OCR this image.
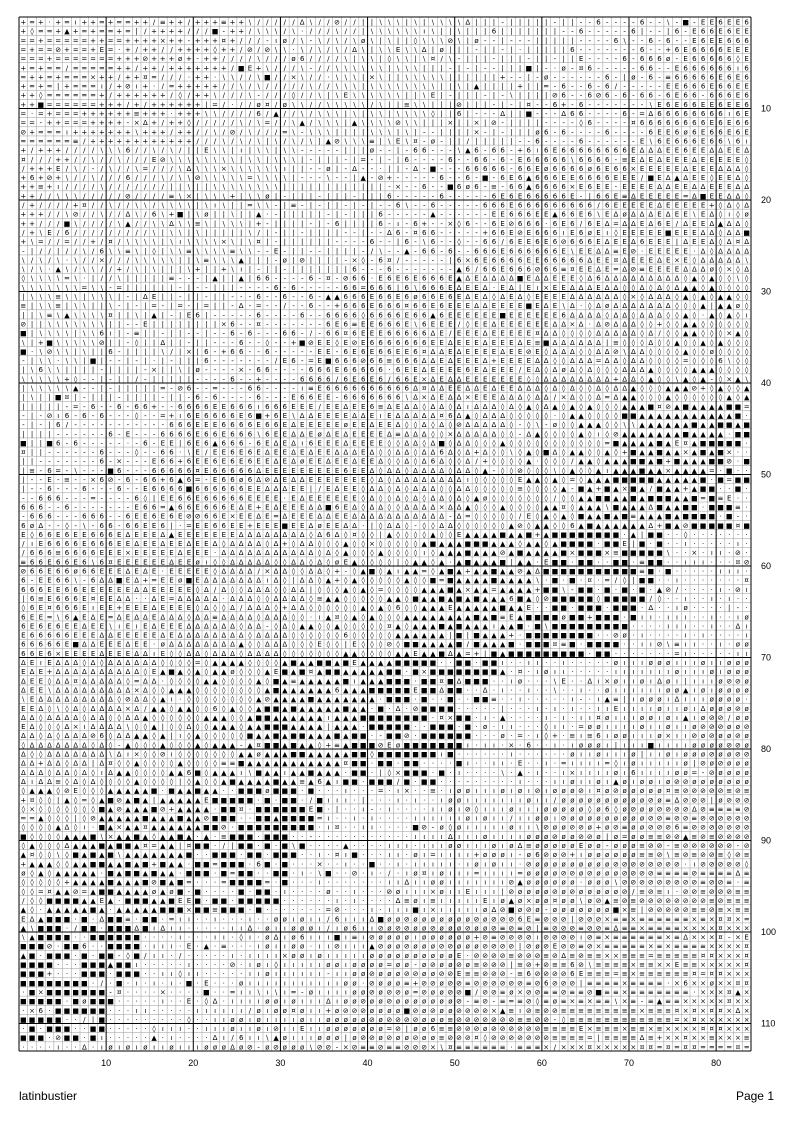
+ = + · + = ı + + = + = = + + / ≡ + + / + + + ≡ + + \ / / / / / Δ \ / / ⊘ / / | | \ \ \ | \ | \ \ \ \ Δ | | | - | | | | | - | | - - 6 - - - - 6 - - \ - ■ - E E 6 E E 6
+ ◊ = = + ▲ + = + = = + = | / + + + + / / / ■ - + + / \ \ \ / \ · / / / \ / / | \ \ \ \ \ \ ı \ | | \ | | | 6 | | | | | | | - - 6 - - - - - 6 | - - | 6 - E 6 6 E 6 E E
= = + = = = = = + + = = + + + + × + + - + + + ¤ + / / / - ı ø / \ - \ / \ / \ ø \ | \ | | ◊ \ \ \ ⊘ \ | ø - - | - - - | | | | | - - - - 6 \ - - 6 - 6 - - E 6 E E 6 6 6
= + = = ⊘ + = = + E = · + / + + / / + + + + ◊ + + / ⊘ / ⊘ \ \ · \ / \ / \ / Δ \ | \ \ E \ \ Δ | ø | | | - | | - | · | | | | | 6 - - - - - - - 6 - - + 6 E 6 6 6 6 E E E
= = = + = = = = = = = + + + ⊘ + + + ø + - + + / / / / \ / / / ø 6 / / / / \ | \ \ | ◊ \ \ | \ ¤ / \ - | | | - | | | - | | - | | E - - - - 6 - 6 6 6 ø - E 6 6 6 6 6 ◊ E
+ = + = = / = = = = = + + / + + / + + + + + + + / ■ E + \ / / / \ - / / \ \ \ \ \ \ | \ \ \ | | | - | - | - - | | | ■ | - · ø - ¤ 6 - - - - - 6 6 - - E 6 6 6 6 6 6 ı 6
= + + = + = = = × + + / + + ¤ = / / / · + + · \ \ / / \ ■ / / × \ / / · \ \ \ | × \ | | \ \ \ \ \ | | | | | | + - - | - ø - - - - - - 6 - | ø - 6 - ≡ 6 6 6 6 6 E 6 E 6
+ = + = | + = = = ı / + ⊘ ı + · / = + + + + + / / \ / \ / / / / / \ / / \ \ \ | \ \ \ \ \ \ \ \ | | \ | ▲ | | | | + | | = - 6 - - 6 - 6 / - - - - - E E 6 6 6 E 6 6 E E
+ + ◊ = = = = = = + / + + + + + + / ◊ / + + \ / / / \ - / / / ◊ / / \ | \ E \ \ \ \ \ \ | | \ E | - | | | - | - \ | | | | ⊘ 6 - - 6 ⊘ 6 - 6 - 6 6 - 6 E 6 6 - 6 6 6 E 6
+ + ■ = = = = = = + + + / + / + + + + + + | = / · / / ø ¤ / ø \ \ / / \ \ \ \ \ / \ | | ≡ \ \ | | | ⊘ | | | - | - | ¤ - - 6 + - 6 - - - - - - - \ E 6 E 6 6 E E 6 E E 6
= · = + = = = + + + + + + ≡ + + + · + + + \ \ / / / / 6 / ▲ / / \ / \ \ \ | \ | \ \ | \ \ \ \ ◊ | | 6 | - - - Δ | | ■ - - - Δ 6 6 - - - - 6 - = Δ 6 6 6 6 6 6 6 6 ı 6 E
= = - + + = = = + + + + - × Δ + / + + ◊ / / / / / \ / \ = / / \ ▲ / \ \ \ | ▲ \ \ \ \ ⊘ \ \ | | | × | | × | ⊘ - | | | | - - - - ◊ 6 - - - - ¤ 6 6 6 6 6 6 6 6 E 6 E 6 6
⊘ + = = = ı + + + + + + + \ + + + / + + / / \ / ⊘ / \ / / / = \ - \ \ \ | | | | \ \ \ | \ | - - | | | | × - | - | | | ø 6 - 6 - - - - 6 - - - - 6 E E 6 ø 6 E 6 6 E 6 E
= = = = = = ≡ / + + + + + + + + + + + + / / / \ / \ / \ | \ / \ / \ | ▲ ⊘ \ \ \ ≡ | \ E \ ¤ - ø - | | / | | | | | - - 6 - - - - 6 - - - - - - E \ 6 E 6 6 6 E 6 6 \ 6 ı
+ / + + + / / / / \ \ \ 6 / / \ / \ / | | E \ \ | ı | \ \ | \ \ - - - - - | | | ø - - | - 6 6 - - - \ ▲ 6 - 6 6 - + 6 ı 6 E 6 6 6 6 6 6 6 6 E Δ Δ Δ E E 6 E E Δ Δ E E Δ
¤ / / / + + / / \ / / \ / / / E ⊘ \ \ \ \ \ \ \ \ | \ \ | \ \ \ | - | | | - | = - | - | 6 - - - - 6 - - 6 6 - 6 - E 6 6 6 6 6 \ 6 6 6 6 - ≡ E Δ E Δ E E E Δ E E E E E ◊
/ + + + E / \ / - / \ / / \ = / / / \ Δ \ \ \ × \ \ \ \ \ \ ı | | - - ø | - Δ - - · | | - Δ - ■ - - - 6 6 6 6 6 - 6 6 E ø 6 6 6 6 ø 6 E 6 6 × E E E E E Δ E E E Δ Δ Δ ◊
+ 6 + ⊘ + \ / / \ / / / 6 / / / \ / \ \ ⊘ \ \ \ \ \ = \ \ \ \ | - - - \ - - | ▲ - ⊘ + - - - - - 6 - - 6 - ■ - 6 E 6 ▲ 6 6 6 E E 6 6 6 6 E E E / ■ E Δ ▲ Δ E E ◊ E E Δ ◊
+ + ≡ + ı / / / / \ / / / / / / / | | \ | | \ \ \ \ \ \ \ \ | | | | | | | | | | | | - × - - 6 - - ■ 6 ø 6 - ≡ - 6 6 ▲ 6 6 6 6 × E 6 E E - E E E E Δ Δ E E Δ Δ E E E Δ Δ
+ + / / \ \ \ / / / / / ⊘ / / / / ≡ \ × | \ \ \ + | \ \ ø | - | | | - | | | - | | | 6 - - - - - 6 - - - - - 6 E 6 E 6 6 6 6 6 E - | 6 6 E ≡ Δ E E E E E = Δ ■ E E Δ Δ ◊
/ + / / / / + ¤ / / \ / / \ \ / \ \ \ \ | \ ı \ | | = \ \ - | ≡ - | - | | - | - | - - 6 \ - - 6 - - - - - 6 6 6 E 6 6 6 6 6 6 6 6 6 / 6 E E E E E Δ E E E E E + ◊ Δ ◊ Δ
+ + + / / \ ⊘ / / \ / / Δ \ / 6 \ + ■ | \ ø | | \ | | ▲ · - | | | | | - | - | | | 6 - - - - - ▲ - - - - - - E E 6 6 6 E E ▲ 6 6 E 6 \ E Δ ø Δ Δ Δ E Δ E E \ E Δ ◊ ı ◊ ø
+ + / / / ■ \ / / / / \ ▲ / / \ \ Δ \ \ ≡ \ | \ \ \ | + - | | | | - | - 6 | | | | 6 - ı - 6 + - - × ◊ 6 - - 6 E ⊘ 6 6 6 · 6 E 6 / 6 E Δ = Δ Δ E Δ 6 E / Δ E E Δ ▲ Δ Δ ◊
/ + \ E / 6 / / / / / / / / / \ | \ \ | \ | | | | | \ / | - | | - | | | | - - | - - Δ 6 - ¤ 6 6 - - - - - + 6 6 E ⊘ E 6 6 6 ı E 6 ø E ı ◊ E E E E E ■ E E E Δ Δ ◊ Δ Δ ■
+ \ = / / = / / + / ¤ / \ \ \ \ | \ ı \ \ \ \ × \ | \ ¤ | - | | | | | | - - - - 6 - - | 6 - \ 6 - - ◊ - - 6 6 / 6 E E 6 E 6 ⊘ 6 6 6 E Δ E E Δ 6 E E E | Δ E E Δ ◊ Δ ¤ Δ
- | / / | / / \ / 6 \ \ ≡ \ | ◊ | \ \ ≡ \ \ \ \ ≡ \ \ - - E - | | - - | | | | - / \ - - ▲ - 6 6 - 6 - - 6 6 6 E 6 6 6 6 6 6 E \ E E Δ Δ ≡ E ⊘ · E E E E E · Δ ◊ Δ Δ Δ Δ
\ / \ / \ · \ / / × / / / \ \ \ \ \ | | \ ≡ \ \ \ ▲ | | | - ø | ⊘ | | | | - × ◊ - 6 ¤ / - - - - - | 6 × 6 E 6 6 6 6 E E 6 6 6 6 6 Δ E E ¤ Δ E E E Δ E × E ◊ Δ Δ Δ Δ Δ \
\ / \ · ▲ \ / \ \ / / + / \ | \ | | | \ + | | + \ ı | - | | - | | | | | | | 6 - - - 6 - - - - - - - ▲ 6 / 6 6 E 6 6 6 ⊘ 6 6 ≡ ¤ E E Δ E = Δ ⊘ ≡ E E E E Δ Δ Δ ø ◊ × ◊ Δ
◊ \ \ \ \ = \ · | / / \ | | | | | ≡ - - - | ▲ | | ▲ | 6 6 - - - - 6 - ¤ - ⊘ 6 6 · E 6 E 6 E 6 6 6 E ▲ Δ E Δ Δ Δ Δ ■ E Δ Δ E E E ◊ Δ 6 Δ Δ Δ Δ Δ Δ Δ Δ Δ ◊ ▲ ◊ ▲ ◊ ◊ \ ◊
\ \ \ \ \ \ \ = \ \ - = | | | | | | - | - - | | | - - - - 6 - 6 - - - - - 6 6 = 6 6 6 | 6 \ 6 6 6 E Δ E E Δ · E Δ | E ı × E E Δ Δ Δ E Δ Δ ◊ ◊ Δ ◊ Δ ◊ Δ ▲ ▲ ◊ ▲ ◊ ◊ ◊ ◊
| \ \ \ ≡ \ \ | \ \ \ | - | Δ E | | - | | - | | - - - 6 - - 6 - - 6 - ▲ ▲ 6 6 6 E 6 6 E 6 ø 6 6 E 6 E Δ E Δ ◊ Δ E Δ ◊ E E E E Δ Δ Δ Δ Δ Δ ◊ × ◊ Δ Δ Δ ◊ ▲ ◊ ▲ ◊ ▲ ▲ ◊ ◊
≡ | \ \ ≡ | \ \ | | \ - | - | = - | = - | = | | - Δ - = - - / - - 6 - - + 6 6 6 E 6 6 6 ¤ 6 6 E 6 E E E Δ Δ E E E E ■ E Δ E \ Δ · ◊ Δ ø Δ Δ Δ Δ Δ Δ Δ ◊ ◊ ◊ ▲ | ▲ ▲ ø ◊
| | \ ≡ \ ▲ \ \ \ \ ¤ | | \ | ▲ | - | E 6 | - - - - - 6 - - - - 6 - - 6 6 6 6 ◊ 6 6 6 6 E 6 6 ▲ 6 E E E E E E ■ E E E E E E 6 Δ Δ Δ Δ ◊ Δ Δ ◊ Δ Δ Δ ◊ ◊ ▲ ◊ · ▲ ◊ ▲ ◊ ı
⊘ | | \ \ \ \ \ \ \ | | - - E | | | | | | | | × 6 - - ¤ - - - - - - - 6 E 6 ≡ E E 6 6 6 E \ 6 E E E / ◊ E E Δ E E E E E E Δ Δ × Δ · Δ ⊘ Δ Δ Δ ◊ ◊ + ◊ ◊ ▲ ▲ ◊ ◊ ◊ ◊ ◊ ◊
■ | \ \ \ \ | \ \ 6 ı | - ≡ | | - | | - - | - - 6 - 6 - - - 6 6 - / - 6 6 ¤ 6 E E E 6 6 6 6 6 Δ E / E E E Δ E E E E E ¤ Δ Δ ◊ ◊ ◊ ◊ Δ Δ Δ Δ Δ ◊ Δ / ◊ ◊ ▲ ▲ ◊ ◊ ◊ × ▲ ◊
\ | + ■ \ \ \ \ \ ⊘ | | - ◊ | | Δ | | - | | - - - 6 - - ◊ - - + ■ ⊘ E E ◊ E ⊘ E 6 6 6 6 6 6 6 E E Δ E E E Δ E E E Δ E ≡ ■ Δ Δ Δ Δ Δ Δ | ≡ ◊ ◊ ◊ Δ ◊ ◊ ▲ ◊ ◊ ▲ ◊ ▲ ◊ ◊ ◊
■ · \ ⊘ \ \ | \ | | 6 - | | | | \ / | × | 6 - + 6 6 - - 6 - - - - - E E - 6 E 6 E 6 6 E E 6 ¤ Δ Δ E Δ E E E E Δ E E ⊘ E ◊ Δ Δ Δ ◊ ◊ Δ Δ ⊘ \ Δ Δ ◊ ◊ ◊ ◊ ▲ ◊ ◊ ø ◊ ◊ ◊ ◊
- | \ \ · \ \ | ■ | - - | - | · | - | | | 6 - - - - - - - / E 6 - = E ■ 6 6 6 ⊘ 6 6 ≡ 6 6 6 Δ Δ E Δ E E E Δ + E E E E Δ Δ ◊ ◊ Δ Δ Δ = Δ Δ ◊ Δ Δ ◊ ◊ ◊ ◊ = ◊ ◊ ◊ 6 \ ◊ ◊
| \ 6 \ \ | | | | - | | | | - × | | \ | ø - - - - × - 6 6 - - - - 6 6 6 E 6 6 6 6 6 · 6 E E Δ E E E E 6 E Δ E E E / E Δ ◊ Δ ø Δ ◊ Δ ◊ ◊ ◊ Δ Δ Δ ▲ ◊ ◊ ◊ ◊ ▲ ▲ ▲ ◊ ◊ ◊ ◊
\ \ \ \ \ + ◊ - - | - | | / - | | | | | - - - - 6 - - + - - - - 6 6 6 6 / 6 E 6 E 6 / 6 6 E × Δ E Δ Δ E E E E E E E ◊ ◊ Δ Δ Δ Δ Δ Δ Δ Δ + Δ Δ ◊ ▲ ◊ ◊ \ ▲ ◊ ▲ - ◊ × ▲ \
| \ \ \ \ \ ▲ - - | - | | | | | = - ⊘ 6 - - = - - - 6 6 - - - - ı ≡ E 6 6 6 6 6 6 6 6 6 6 Δ ¤ Δ Δ E E Δ Δ E Δ E E Δ Δ Δ ◊ Δ ◊ Δ ◊ ◊ Δ ◊ Δ Δ ▲ ◊ ◊ ◊ ▲ ▲ ▲ ⊘ + ◊ ▲ ◊ ◊ ▲
| \ | | ■ ¤ | - | | | - | | | | - | | - 6 - 6 - - - - 6 - - - E 6 6 E E - 6 6 6 6 6 6 6 \ Δ × Δ E Δ Δ × E E E Δ Δ Δ ◊ Δ Δ / × Δ ◊ ◊ Δ = Δ ▲ ▲ ◊ ◊ ◊ ▲ ◊ ◊ ◊ ◊ ◊ ◊ ▲ ◊ ▲
| | | | | - = - 6 - - 6 - 6 6 + - - 6 6 6 6 E E 6 6 6 ı 6 6 6 E E E / E E Δ E E 6 ≡ Δ E Δ Δ ◊ Δ Δ ◊ Δ ı Δ Δ Δ ◊ Δ ◊ ▲ ◊ Δ ▲ ◊ ▲ ◊ ▲ ◊ ◊ ◊ ▲ ▲ ▲ ■ ¤ ⊘ ▲ ■ ▲ ▲ ▲ ▲ ■ ■ =
- | - ⊘ ı 6 - 6 - 6 - - - ◊ - - = + ı 6 E 6 6 6 6 E 6 ■ + 6 E \ Δ Δ E E E E Δ Δ E ı E Δ Δ Δ Δ Δ ¤ 6 Δ ▲ ◊ Δ Δ Δ ◊ ◊ ◊ ◊ ◊ · ◊ ▲ ▲ ◊ ◊ ◊ ◊ ■ ■ ▲ ▲ ▲ ▲ ▲ ▲ ▲ ▲ ▲ ▲ ▲ ■ ·
- | - | 6 / - - - - - - - - - - - 6 6 6 E E E 6 6 6 6 E 6 6 E Δ E E E E E ø E E Δ E E Δ ◊ ◊ Δ ◊ Δ ◊ ⊘ Δ Δ Δ Δ Δ ◊ - ◊ \ - ø ◊ ◊ ▲ ▲ ▲ ◊ ◊ \ \ ▲ ▲ ▲ ▲ ▲ ▲ ■ ▲ ▲ ■ ■ ▲ ■
| | | | - - - - - - 6 - E - - - 6 6 6 6 E 6 6 E 6 6 6 \ 6 E E Δ Δ E ø Δ E Δ E E E E Δ ≡ Δ Δ Δ ◊ ◊ × Δ Δ Δ Δ Δ ◊ ◊ - Δ ▲ ◊ ◊ ◊ ◊ ▲ ◊ ı ◊ ⊘ ▲ ▲ ▲ ▲ ▲ ▲ ▲ ■ ▲ ▲ ▲ ▲ · ■ ■
■ | | ■ 6 - 6 - - - - - · - 6 - E E | 6 E 6 ▲ 6 6 6 - 6 E Δ E Δ ı 6 E E E Δ E E E E ◊ ◊ Δ Δ ◊ Δ ■ ◊ Δ Δ ◊ ◊ ◊ ▲ ◊ ◊ ◊ ◊ ◊ ◊ ◊ ◊ ◊ ◊ ◊ = ■ ▲ ▲ ▲ ▲ ■ ▲ E ¤ ▲ ■ ■ ■ ■ ■ ·
¤ | | - - - - - - 6 - - - ◊ - - 6 6 · \ E / E E 6 E 6 E Δ E E Δ E Δ E E Δ Δ Δ E Δ ◊ ◊ Δ Δ ◊ Δ Δ 6 Δ ◊ Δ + Δ ◊ ◊ \ ◊ ▲ ◊ ■ Δ ◊ ▲ ▲ ◊ ◊ ▲ ◊ + ■ ▲ ▲ ■ ▲ ▲ × ▲ ■ ▲ ■ × · ·
| | - - - - - - - 6 - × - - - E 6 6 + 6 E E 6 E 6 E 6 E E Δ E Δ ø E E Δ E E Δ E E Δ ◊ ◊ Δ ◊ Δ 6 Δ ◊ ◊ Δ / + ◊ ◊ ◊ ◊ ▲ · ◊ ◊ ◊ / ▲ ▲ ◊ ▲ ▲ ▲ ■ ■ ▲ ■ + ■ ▲ ▲ ▲ ■ ■ ⊘ · ■
| ≡ - 6 = - \ - - - ■ 6 - - - 6 6 6 6 6 ¤ E 6 6 6 6 6 Δ E E E E E E E E E 6 E E Δ ◊ Δ Δ ◊ Δ Δ Δ Δ ◊ Δ Δ ◊ ▲ - ◊ ◊ ⊘ ◊ ◊ ◊ \ ◊ ▲ ◊ ◊ ▲ ı ▲ ▲ ▲ ■ ▲ ▲ × ▲ ▲ ▲ ▲ = · ■ · ·
| - - E - ≡ - - × 6 ⊘ - 6 - 6 6 + 6 ▲ 6 = - E 6 6 ø 6 Δ ⊘ Δ E Δ Δ E E E E E E E ◊ Δ ◊ Δ Δ Δ Δ Δ Δ Δ Δ ı ◊ ◊ ◊ ◊ ◊ E ▲ ▲ ◊ ▲ ◊ = ◊ ▲ ▲ ▲ ■ ■ ■ ■ ■ ▲ ▲ ▲ ▲ ▲ ■ · ■ = ■ ■
| - - 6 - - - 6 - - - 6 - - E 6 6 6 6 ■ 6 6 6 6 6 6 E E Δ Δ Δ E E | / E Δ E E ◊ Δ Δ ◊ Δ ◊ Δ Δ Δ ◊ ◊ Δ Δ ◊ ◊ ◊ ◊ ◊ ≡ ◊ ◊ ◊ ◊ ▲ - ■ ▲ + ■ ▲ × ■ ▲ / ■ ▲ ▲ + ▲ ■ ■ · · ■ ·
- - 6 6 6 - - - = - - - - 6 ◊ | E E 6 6 E 6 6 6 6 6 E E E E · E Δ E E E E E E ◊ Δ ◊ ◊ Δ ◊ Δ ◊ Δ Δ ◊ Δ ◊ ▲ ø ◊ ◊ ◊ ◊ ◊ ◊ ◊ / ◊ ◊ ▲ ▲ ■ ■ ▲ ▲ ■ ▲ ■ ■ ■ ▲ ▲ ■ = ■ ≡ E · ·
6 6 6 - - 6 - - - - - - - E 6 6 = ▲ 6 6 E 6 6 6 E Δ E + E Δ E E E Δ Δ ■ 6 E Δ ◊ Δ Δ ◊ ◊ Δ Δ Δ Δ × Δ Δ ▲ ◊ ◊ ◊ ▲ ◊ ◊ ◊ ◊ ▲ ▲ ¤ ◊ ▲ ▲ ▲ \ ■ ▲ ▲ ▲ Δ ■ ▲ ▲ ■ ■ · ■ ■ ■ ≡ ·
- 6 6 6 - - - 6 6 6 - - 6 E E 6 E 6 E ⊘ ⊘ 6 6 E × E E Δ E = Δ E E E Δ Δ E E Δ Δ Δ Δ Δ Δ Δ Δ Δ Δ Δ - Δ = ◊ ◊ ◊ ◊ ◊ / E ◊ ▲ ◊ ▲ ◊ ■ ▲ ▲ ■ ▲ ■ ≡ ▲ ▲ ▲ ■ ▲ ■ ■ ■ ■ · ■ - ·
6 ø Δ - - ◊ - \ - 6 6 - 6 6 E E 6 | · = E E 6 6 E E + E E E ■ E E Δ ø E E Δ Δ · | ◊ Δ Δ ◊ - ◊ ◊ Δ Δ ◊ ◊ ◊ ◊ ◊ ◊ ▲ ⊘ ◊ ▲ ▲ ◊ ◊ 6 ▲ ■ ▲ ▲ ▲ ▲ ▲ ▲ Δ + ■ ▲ ⊘ ■ ■ ■ ■ ■ ¤ ■
E ◊ 6 6 E 6 E E 6 6 6 E Δ E E E Δ ▲ E E E E E E E Δ Δ Δ Δ Δ Δ Δ Δ ◊ Δ 6 Δ ◊ ¤ ◊ ◊ | ▲ ◊ ◊ ◊ ◊ ▲ ◊ ◊ E ▲ ▲ ▲ ▲ ■ ▲ ▲ ■ + ▲ ■ ■ ■ ■ ■ ■ ■ ■ · ▲ | ■ ■ · · ◊ · · · · · · ·
/ ı E 6 6 6 6 E 6 6 6 E E Δ E E Δ E E Δ E E Δ ◊ Δ Δ Δ Δ ◊ Δ + ◊ Δ Δ ◊ ◊ ◊ ▲ ◊ ◊ × ◊ ◊ ◊ ◊ ◊ ▲ ■ ▲ ▲ ▲ ■ ■ ■ ▲ ▲ ▲ ◊ ▲ ▲ ◊ ▲ ■ ■ ■ ■ · ■ ■ E | ■ · ■ · · ı · · · · · ı ·
/ 6 6 6 ≡ 6 6 6 6 E E E × E E E E E Δ E E E · Δ Δ Δ Δ Δ Δ Δ Δ Δ Δ Δ ◊ Δ ◊ ▲ ◊ ◊ ◊ ▲ ◊ ◊ ◊ ◊ ı ◊ ▲ ▲ ▲ ■ ▲ ▲ ▲ ⊘ ▲ ■ ▲ ▲ ▲ ▲ ■ × ■ ■ ■ × ≡ ■ ■ ■ ■ ■ \ · · × · ı ı · ⊘ ·
≡ 6 6 E 6 6 E 6 \ 6 ¤ E E E E E E Δ E E ø ı ◊ ◊ Δ Δ Δ Δ Δ ◊ ◊ Δ Δ ◊ Δ ◊ ø E ▲ ◊ ◊ ◊ ◊ | ◊ ▲ ▲ ◊ ▲ · ▲ ■ ▲ ▲ ▲ ■ | ▲ ▲ · E ■ ■ · ■ ■ · · ■ ■ · ≡ ■ ■ · · ı ı ı · · · ¤ ⊘
⊘ 6 6 E 6 6 ø 6 6 E E E Δ E Δ E · E E E E E ◊ Δ Δ Δ Δ / × Δ Δ ◊ ◊ Δ Δ ◊ + - ◊ ▲ ■ ◊ ▲ ı ▲ ▲ = ◊ ▲ ■ ▲ + ▲ ▲ ■ ▲ ▲ ⊘ ▲ Δ ■ ■ ■ ■ ■ ■ ■ ■ ■ ■ ■ ≡ ■ · ■ · · · · · ı ı ı ·
6 - E E 6 6 \ - 6 Δ Δ ■ E Δ + = E E ø ■ E Δ Δ Δ Δ Δ Δ Δ ı Δ ◊ | Δ Δ ◊ ▲ + ◊ ▲ ◊ ◊ ◊ ◊ ◊ ▲ ◊ ◊ ■ = ■ ▲ ▲ ▲ ▲ ■ ▲ ▲ ▲ ▲ \ · ■ · ■ · ¤ · = / ◊ | ■ ■ · · ı · · · · · · · ¤
6 6 6 E E 6 6 E E E E E E Δ Δ E E E E E ◊ Δ / Δ ◊ ◊ Δ Δ Δ ◊ ◊ Δ Δ | ◊ ◊ ◊ ▲ ◊ ▲ ◊ = ◊ ◊ ◊ ◊ ▲ ▲ ▲ ■ ▲ × ▲ ▲ = ▲ ▲ ▲ ▲ + ■ ■ \ - ■ ■ · ■ · ■ · ■ · ▲ ⊘ / · · · · ı · ⊘ ı
| 6 ≡ E 6 6 6 E ¤ E E Δ Δ · · Δ E = Δ Δ Δ Δ Δ · Δ Δ Δ ◊ ◊ Δ Δ Δ Δ ◊ ≡ ▲ ▲ ◊ ◊ ◊ ◊ ◊ ▲ ▲ ◊ ■ ▲ ▲ ■ ▲ ■ ▲ ■ ▲ ▲ ▲ 6 ■ ▲ ◊ ⊘ ■ ■ ■ ■ ■ ◊ ■ ■ ■ ■ ■ / ◊ · · ı · · ı · ı · ·
◊ 6 E ¤ 6 6 6 E ı E E + E E E Δ E E E E ◊ Δ ◊ ◊ Δ / Δ Δ Δ ◊ + Δ Δ ◊ ◊ ◊ ◊ ◊ ◊ ▲ ◊ ▲ ◊ 6 ◊ ◊ ▲ ▲ ▲ E ▲ ▲ ▲ ▲ ▲ ■ ▲ ▲ E · · ■ ■ · ■ ■ ■ · ■ ■ ■ · Δ · · ı ø · · · · | - ·
6 E E = \ 6 ▲ E Δ E = Δ E Δ Δ E Δ Δ Δ ◊ Δ Δ ≡ Δ Δ Δ Δ ◊ Δ Δ Δ ◊ ◊ · ı ▲ ¤ ◊ ▲ ◊ ▲ ◊ ◊ ◊ ▲ ▲ ▲ ▲ ▲ ▲ ▲ ▲ ■ ▲ ■ ≡ E ▲ ■ ■ ■ ■ ø ■ ■ + ■ ■ ■ · ■ ı ı · ı ı ı · · ı · · ı ø
6 E 6 E 6 E E Δ E E \ ı E ı E Δ E E E Δ Δ Δ Δ Δ Δ ◊ Δ Δ - ◊ Δ ◊ ▲ ▲ ◊ ◊ ▲ ◊ ◊ ◊ ◊ ◊ ¤ ▲ ◊ ▲ ▲ ▲ ■ ▲ ■ ▲ ▲ ▲ ı ▲ ▲ ■ · ■ \ ■ ■ ■ ■ ■ ■ ■ ■ ■ · · · · ı ı ı · · ı · · Δ ı
E 6 6 6 6 6 E E E Δ Δ E E E E E Δ E Δ Δ Δ Δ Δ Δ Δ Δ ◊ Δ Δ Δ Δ ◊ ◊ ◊ ◊ ◊ ◊ 6 ◊ ◊ ◊ ◊ ◊ ▲ ▲ ▲ ▲ ▲ ▲ | ■ | ■ ▲ ▲ ▲ + · ■ ■ ■ ■ ■ ■ ■ ■ · · ⊘ ø · ı · · · · ı · ı · · · · ı
6 6 6 6 6 E ■ Δ Δ E E E Δ E E · ø Δ Δ Δ Δ Δ Δ Δ Δ ▲ ◊ ◊ Δ Δ Δ ◊ ◊ ◊ E ◊ ◊ | E ◊ ◊ ◊ ⊘ ◊ ■ ■ ▲ ▲ ▲ ▲ ■ / ■ ▲ ▲ ▲ ■ · ■ ■ ■ ¤ ≡ ■ · ■ ■ ■ ■ · · ı ı ⊘ \ ≡ ı ı · · ı · ø ø
6 6 E 6 × E E E E Δ E E E Δ Δ ı E ◊ ◊ Δ Δ ◊ Δ Δ Δ ◊ Δ Δ Δ Δ ◊ ◊ ◊ ◊ ◊ ◊ ◊ ▲ ▲ ◊ ◊ ◊ ◊ ▲ ▲ E ▲ ▲ ■ Δ ▲ = + | ■ ▲ ■ ■ ■ ■ ■ ■ ■ ■ ■ · ■ ■ · · · · · · · = ı · · · · · ı ı
Δ E ı E Δ Δ Δ ◊ Δ ◊ Δ Δ Δ Δ Δ Δ ◊ ◊ ◊ ◊ = ◊ ▲ ▲ ▲ ▲ ◊ ◊ ◊ ◊ ▲ ■ ▲ ▲ ■ ■ ▲ ■ E ▲ ▲ ▲ ▲ ■ ■ ■ ■ ■ · · ■ ■ · ■ ■ ı · · ı ı · · ı · · · · · ø ı ı ı ø ø ø ı ı ı ø ı ı ø ø ø
E Δ E + Δ Δ Δ Δ Δ Δ Δ Δ Δ Δ ◊ E ▲ ■ ▲ ◊ ▲ ◊ ▲ ▲ ø ◊ ◊ ◊ ▲ E ■ ▲ ■ ¤ ▲ ■ ■ ▲ ▲ ▲ ▲ ▲ ■ ■ · ■ × ■ ■ ■ ■ ■ ■ ■ ■ ▲ · ¤ · ı ø ı ı · · · · · ı ı ı ı ı ı ı ø ı ı ı ø ı ø ø ø
Δ E E ◊ Δ Δ ¤ Δ Δ Δ Δ Δ ◊ = Δ Δ · ◊ ◊ ◊ ◊ ▲ ▲ ◊ ◊ ◊ ◊ ▲ ◊ ■ ▲ ≡ ▲ ▲ ▲ ▲ ▲ ■ ı ▲ ▲ ▲ ■ ■ ■ · ■ ■ ¤ ■ Δ ■ ■ ■ · · ı ø · · · \ E · · Δ ı × ø ı ı ø ı Δ ø ı | ı ı ı ø ⊘ ⊘ ø
Δ E E \ Δ Δ Δ Δ Δ Δ Δ Δ Δ × Δ ◊ ◊ ▲ ▲ ▲ ◊ ◊ ◊ ◊ ◊ ◊ ◊ ◊ ▲ ■ ▲ ▲ ▲ ▲ ▲ ▲ 6 ▲ ▲ ▲ ■ ■ ■ ■ ■ E ■ ■ Δ ■ ■ · · Δ · ı · · ı · · \ · · ı · · ø ı ı ı ı ı ı ø ø ▲ ı ø ı ø ø ø ø
\ E Δ Δ Δ Δ Δ Δ Δ Δ Δ ◊ ⊘ Δ Δ ◊ ▲ ı · ◊ ◊ ◊ ◊ ◊ ◊ ◊ ◊ ▲ ⊘ ▲ ▲ ▲ ▲ ■ ▲ ▲ ▲ ▲ ▲ ▲ ▲ · ■ ■ ■ · ■ · · ■ · · ■ ■ ≡ · · ı · · · · · ı - · ı ▲ ≡ | ı ø ø ø ı Δ ı ı ı ø ø ø ø ·
E E Δ ◊ \ ◊ Δ ◊ Δ Δ Δ Δ × Δ / ▲ ▲ ◊ ▲ ▲ ◊ ◊ 6 ◊ ▲ ◊ ◊ ▲ ■ ■ ▲ ■ ▲ ▲ ▲ ▲ ▲ ■ ▲ ▲ · ■ · Δ · ⊘ ■ ■ ■ ■ · · · · · | · · · ı · ı · ı · · ı ı E ı ı ı ı ø ı ı ø ı Δ ø ø ø ⊘ ø
Δ Δ ◊ Δ Δ Δ Δ ◊ Δ Δ ◊ ◊ Δ Δ ▲ ◊ ◊ ◊ ◊ ◊ ◊ ▲ ▲ ▲ ◊ ◊ ▲ ■ ■ ▲ ▲ ▲ ▲ ▲ ▲ ı ▲ ▲ ▲ ■ ■ ■ ■ ■ ■ ■ ■ · ¤ × ■ ■ · ı · ▲ · · · · ı · ı · ı ı ¤ ø ı ı ı ø ø ı ø ı ▲ ı ø ⊘ ⊘ / ø ø
E Δ ◊ ◊ ◊ Δ × ı Δ Δ Δ Δ \ ◊ ◊ ▲ | ◊ ◊ Δ ◊ ◊ ▲ ▲ ▲ ◊ ▲ ▲ ■ ■ ■ ▲ ▲ ▲ ▲ | ▲ ▲ ▲ · ■ ■ ■ ■ ■ · · ■ ■ ■ · ■ · ø · ı ı · · · ◊ ı ı · = ø ø ı ı ı ı ø ı ı ø ı ı ø ⊘ ⊘ ⊘ ø ø ⊘
Δ Δ ◊ Δ ◊ Δ Δ Δ ⊘ 6 ◊ Δ Δ ▲ ▲ ◊ ▲ | ı ◊ ▲ ◊ ◊ ◊ ◊ ◊ ■ ▲ ▲ ■ ▲ ■ ■ ▲ ▲ ▲ ■ ▲ ■ ■ · - ■ ■ ⊘ · ■ ■ ■ ■ ■ ■ · · · ø · = · ı ◊ + · ≡ ı ≡ 6 ı ø ø ı ı ı ø × ı ı ⊘ ø ⊘ ø ø ⊘ ø
◊ Δ Δ Δ Δ Δ Δ Δ ◊ Δ ◊ - ▲ ◊ ◊ ◊ ▲ ◊ ◊ ◊ ▲ ◊ ▲ ▲ ▲ - ▲ ¤ ■ ■ ▲ ■ ▲ ▲ ◊ + ≡ ▲ ■ ■ ■ ⊘ E ø ■ ■ ■ ■ ■ ■ ■ ı · ı ı · × · 6 · · ı · ı ø ø ø ı | ı ı ı ■ ı ı ı ı ø ø ø ø ⊘ ⊘ ø
Δ ◊ ◊ Δ Δ Δ Δ Δ Δ Δ \ Δ ı × ◊ ◊ ⊘ ı ◊ ◊ ◊ ◊ ◊ ◊ ◊ ▲ ▲ ø ▲ ▲ ▲ ■ ■ ▲ ▲ ▲ ▲ ▲ ■ ■ ◊ ■ ■ ■ ■ ■ ■ ■ ı ■ · · · · · · ı · · · · · · ø ı ı ø ı ı ı ø | ı ı ø ı ø ø ø ⊘ ø ø ⊘ ⊘
Δ Δ + Δ Δ ◊ Δ Δ | Δ ¤ ◊ ◊ ▲ ◊ ◊ ◊ ◊ ▲ ◊ ◊ ◊ ◊ ≡ ≡ ■ ▲ ▲ ▲ ▲ ▲ ▲ ▲ ▲ ▲ ▲ ▲ ¤ ■ ■ · ■ ■ · ■ ■ · · · · ■ ı · · ı ı · E · · ı · = ı ı ı ı = ◊ ı ø ı ı ı ı ı ø | ⊘ ø ⊘ ø ø ø
Δ Δ Δ ◊ Δ Δ ◊ Δ ◊ ı Δ ▲ ▲ ◊ ◊ ◊ ◊ ▲ ▲ 6 ■ ◊ ▲ ▲ ▲ ı \ ■ ▲ ▲ ı ▲ ▲ ■ ▲ ▲ ▲ · ■ ■ · | ◊ × ■ ■ ■ · ■ · ı · · · · \ · ▲ · ı · · ı × ı ı ı ı ø ı 6 ı ı ı ı ø ø = - ⊘ ø ø ø ø
Δ ı Δ Δ ≡ ◊ Δ ◊ Δ ◊ ◊ ◊ ◊ ▲ ◊ ◊ ◊ ◊ | ◊ ▲ ◊ ◊ ▲ ■ ▲ ▲ ▲ ▲ ■ ▲ ▲ ≡ ▲ 6 ▲ ı ■ ■ · ■ ■ ■ / ■ · ■ ■ · · · - · · · · · ı · · · ı ı ø ı ı ø ı ▲ ø ı ø ø ı ø ⊘ ⊘ ø ø ø ø ø ø ø
◊ ▲ ▲ ▲ ◊ ⊘ E ◊ ◊ ◊ ▲ ▲ ▲ ▲ ▲ ■ · ■ ▲ ▲ ■ ▲ ▲ · · ■ ■ ■ ø ■ ■ ■ · ■ · · · ı · · · = · ı × · · ≡ · ı ø ø ı ı ı ø ı ø ı ⊘ ı ø ø ø ⊘ ı ¤ ø ⊘ ø ø ø ø ø ¤ ≡ ⊘ ⊘ ⊘ ⊘ ⊘ ≡ ⊘ ≡
+ ¤ ◊ ◊ | ▲ ◊ = ◊ ▲ ■ ⊘ ▲ ■ ▲ | ▲ ▲ ▲ ▲ ▲ E ■ ■ ■ ■ ■ · ■ · ■ ■ · / ■ ı ı ı · | · · · ı · ı · · ı ø ø ı ı ı ı ı ı ı ø ı ı / ø ø ø ø ø ø ø ø ø ø ⊘ ø ≡ Δ ⊘ ⊘ ⊘ | ø ⊘ ⊘ ⊘
◊ × ◊ ◊ ◊ ◊ ◊ ◊ ◊ ■ ▲ ⊘ ▲ ▲ ▲ ■ ⊘ + ▲ ▲ ▲ ▲ · ■ ■ ¤ · ■ ■ ■ ■ ■ ■ E ■ · | · · ı - · ı · · · · ı ı ø ı ⊘ ◊ ı ı ı ø ı ı ı ø ø ø ø ø ◊ ø 6 ◊ ø ⊘ ø ø ⊘ ⊘ ⊘ ⊘ Δ ⊘ ≡ ≡ ≡ ≡ ⊘
= = ▲ ◊ ◊ ◊ | ◊ ⊘ ▲ ▲ ▲ ▲ ▲ ■ ▲ ▲ ▲ ■ ▲ ▲ ⊘ ■ ■ ■ · · ■ ■ ▲ ■ ■ ■ ■ = ı · · ı · ı · · · · ı ı ı ı ı ı ø ı ø ı ı / ı ı ø ø ı ⊘ ø ø ø ø ø ø ø ø ø ⊘ ⊘ ≡ ⊘ ⊘ ≡ ⊘ ⊘ ⊘ ⊘ ⊘ ⊘
◊ ◊ ◊ ◊ ▲ Δ ◊ ı · ■ ▲ × ▲ ▲ ¤ ▲ ▲ ▲ ▲ ▲ ▲ ■ ■ ⊘ · ■ ■ ■ ■ ■ ■ ■ ■ ■ · ı ¤ · · ı ı · · · · ■ ⊘ - ø ◊ ø ı ı ı ı ı ø ı ı \ ⊘ ø ø ⊘ ⊘ ø + ø ⊘ ≡ ø ø ⊘ ⊘ ⊘ 6 ≡ ⊘ ⊘ ⊘ ⊘ ⊘ ⊘ ⊘
■ ◊ ◊ ◊ ◊ ▲ ▲ ▲ ■ \ × ▲ ▲ ■ ▲ ◊ ▲ ▲ ■ ▲ · ▲ · ≡ ■ ■ ■ · ■ ■ ■ · · - · · · · · · · · · · · ı ı ı ı Δ ı ı ı ø ı ı ı ı ø ø ø ⊘ ø ø ⊘ ⊘ ø | ø = ø ø ≡ ≡ ⊘ ⊘ ▲ ≡ ⊘ ≡ ⊘ ⊘ ⊘ ⊘
◊ ▲ ◊ ◊ ◊ Δ ▲ ▲ ▲ ■ ▲ ■ ■ ▲ ¤ = ▲ ▲ | ¤ ■ ■ · / | ■ ■ · ■ · ■ \ ■ · · · · ▲ · · · · ı ı ı · ı ı ı ø ø ı ı ı ø ı ø Δ ≡ ø ø ø ø ø E ø ø - ø ø ø ≡ ⊘ ⊘ - ≡ ⊘ ⊘ ⊘ ⊘ ⊘ ⊘ - ⊘
▲ ¤ ◊ ◊ \ ◊ ■ ▲ ■ ▲ ■ \ ▲ ▲ ▲ ▲ ▲ ▲ ▲ ■ · · ■ ■ ■ · ■ ■ · ■ ■ ■ · · ı · ¤ ı ■ · · · ı ı · ø ı = ı ı ı ı + ø ø ø ı - ø 6 ⊘ ø ⊘ + ı ø ø ø ø ø ø ≡ ≡ ⊘ \ ≡ ⊘ ≡ ⊘ ⊘ ≡ ◊ ⊘ ≡
+ ▲ ▲ ▲ ◊ ◊ ▲ ▲ ■ ■ ▲ ▲ ■ ▲ ■ + ■ ▲ ▲ · ■ ■ = ■ ■ ■ · 6 ■ · ■ · · · × · · ı · · ■ · · ı · ı ı ı ı ı · ı ø ı ø ı ı · ⊘ ø ø ø ø ø ø ø ø ø ⊘ ⊘ ⊘ ⊘ ⊘ ⊘ ⊘ ⊘ · ı ⊘ ⊘ ⊘ ⊘ ⊘ ◊
ø ◊ ▲ ◊ ▲ ▲ ▲ ▲ ▲ · ■ ▲ ■ ■ ▲ ■ ▲ ▲ · ■ ■ ■ · ■ = ■ ■ · · ■ ■ · ı · \ ■ · · ⊘ · ı · / · ı ø ¤ ı ø ı ı ı = ı ı ı ı = ø ø ø ø ⊘ ⊘ ø ⊘ ø ø ø ⊘ ⊘ ⊘ ⊘ ≡ ≡ ≡ ≡ ⊘ ≡ ≡ ≡ ≡ Δ ≡
◊ ◊ ◊ ◊ ◊ + ▲ ▲ ▲ ▲ ■ ▲ ▲ ▲ ■ ⊘ ■ ▲ ■ = · · · = ■ ■ ■ ■ = · ■ · · · ı · · · · · · · ı ı Δ ı ı ø ø ı ı ı ı ı ı ı ⊘ ▲ ø ø ø ø ø ø · ø ø ø \ ⊘ ⊘ ⊘ ⊘ ⊘ ⊘ ⊘ ⊘ ⊘ ≡ ⊘ ⊘ ≡ · ≡
◊ ◊ = ¤ ▲ ▲ ⊘ = ▲ ■ ■ ▲ ▲ ▲ ▲ ø ▲ ø ■ - ■ · · · · ■ · ■ ■ · ı · · · · ø · · ı · · · ⊘ ø ı ı ı × ø ı ı E ı ı ı | ⊘ ø ø ø ø ⊘ ø ⊘ ø ø ø ø ø ⊘ / ≡ ⊘ ≡ ı · ⊘ ⊘ ≡ ⊘ ⊘ ⊘ ≡ ≡
/ ◊ ◊ ■ ■ ■ ■ ▲ ▲ E ▲ · ■ ■ ■ ▲ ▲ ■ E E ■ · ■ ■ · ■ ■ ■ ■ ■ · · · · · · ı · ı · · · · Δ ≡ ø ı ≡ ı ı ı ı ı E ı ø ▲ ø × ø ø ¤ ø ø \ ø ⊘ ▲ ≡ ⊘ ≡ ⊘ ⊘ ⊘ ⊘ ⊘ ⊘ ⊘ ⊘ ≡ ⊘ ≡ ≡ ≡
▲ ◊ · ▲ ▲ ▲ ▲ ▲ ■ ▲ · ▲ ▲ ▲ ▲ ▲ ■ ■ ■ × ■ ■ ≡ ■ ■ ■ · ■ · · · · · · · = ⊘ · · · ı · ı ı ı ■ ı × ı ı ı ı ı ø Δ ⊘ ■ ø ⊘ ø - ø ø ø ø ø ø ø ■ × ≡ | ⊘ ⊘ ⊘ ⊘ ⊘ ≡ ≡ ⊘ ≡ × ≡ ≡
E Δ ▲ ■ ■ ■ · ■ · Δ ■ ■ ≡ · ■ ■ · = ı ı · · ı · · · ı · · ø ø ı ø ı ı / 6 ı ı ı Δ ■ ø ø ⊘ ø ø ø ø ø ø ø ⊘ ø ⊘ ⊘ ⊘ 6 E ≡ ⊘ ⊘ ⊘ | ⊘ ⊘ ⊘ × ≡ ≡ × ≡ ≡ ≡ ≡ ≡ ≡ × ≡ × ¤ ¤ × =
▲ \ ■ ■ ■ · / ■ ■ · ■ ■ ■ Δ ■ ı Δ ı ı · · · · · ı ı Δ · ø ı ı ø ø ø ı / ı ø 6 ı ı ⊘ ø ⊘ ⊘ ø ø ⊘ ø ø ø ⊘ ø ø ⊘ ≡ ⊘ ≡ ⊘ | ≡ ⊘ ⊘ ⊘ ≡ ⊘ ⊘ ≡ Δ ≡ ≡ × ≡ ≡ ≡ ≡ × × × × ¤ × × ×
\ ▲ ■ ■ ■ ■ · · ■ ■ ■ ■ ■ ■ · · · · ı · · · ı ı · ◊ ı · ø Δ ı ø 6 ı ı ı ■ ı ≡ ı ⊘ ø ø ø ø ı ø ø ø ø ø ø + ⊘ ≡ ⊘ ⊘ ⊘ ⊘ ı ⊘ ⊘ ⊘ ⊘ ı ⊘ ≡ × ≡ ≡ ≡ ≡ ≡ ≡ × ≡ Δ × × × ¤ - × E
■ ■ ■ ⊘ · ■ ■ 6 · · ■ ■ ■ ■ · ı ı ı · E · ▲ · ≡ · · · ı ø ı ı ø ø · ı ı ⊘ ı ı ı ▲ ⊘ ø ø ⊘ ø ø ø ⊘ ⊘ ø ø ø ⊘ ⊘ ⊘ ⊘ | ⊘ ø ⊘ E ⊘ ⊘ ≡ ⊘ × ≡ ≡ ≡ ≡ ≡ × ≡ × ≡ ≡ ≡ ≡ × × × × ¤
▲ ■ · ■ ■ ■ · ■ · ■ ■ - ◊ ■ / ı ı · / · · · · · ı · ı ı ı ı × ø ø ı ø ı ı ı ı ı ø ø ø ø ø ø ø ø ø ø E · ⊘ ⊘ ⊘ ⊘ ≡ ⊘ ⊘ ⊘ ≡ ⊘ Δ ≡ ⊘ ≡ ≡ × × ≡ ≡ ≡ = ≡ ≡ ≡ ≡ ≡ ¤ ¤ × × × ¤
■ ■ ■ ■ · · · ■ ■ ■ ▲ ■ ■ ı · · · · · ı · · · · ⊘ · ı ø ı ◊ ı ı ı ı ı ø ø ı ø ø ø ø = ø ø - ø ⊘ ø ø ⊘ ø ≡ ⊘ ⊘ ⊘ | ≡ ⊘ + ⊘ ≡ ≡ 6 ⊘ \ ≡ ≡ ≡ ≡ × ≡ ≡ × × E ≡ ≡ × × × × × ¤
■ ■ ■ + · · · ■ ■ ■ · ■ ■ ■ · · ı ı ◊ ı ı · · · · · ı ı ø ı ı ı ı ı ı - ı ı ø ø ⊘ ø ø ø ⊘ ⊘ ø ø ⊘ ⊘ E ≡ ≡ ⊘ ⊘ ⊘ - ≡ 6 ⊘ ⊘ ⊘ ⊘ 6 E ≡ ≡ ≡ = ≡ × ≡ ≡ ≡ ≡ ≡ ≡ ¤ = ¤ ¤ × × ×
■ ■ ■ ■ ■ ■ ■ ■ · / · ■ · ı · ı · ı · ■ · E · · · ø ı ı ı ı ı ı ı ı ı ı ı ø ø · ⊘ ø ø ø ≡ + ⊘ ⊘ ø ⊘ ⊘ ≡ ⊘ ⊘ ⊘ ⊘ ⊘ ⊘ ≡ ⊘ 6 ⊘ ⊘ ⊘ | ≡ ≡ ≡ ≡ × ≡ ≡ ≡ ≡ · × 6 × × ø × × ¤ ¤
· ■ × ■ ■ ■ ■ ■ ■ ■ - ¤ · · · · × · · · · ■ · · = ı ı \ ı \ ı = - ø ı ı ı ı ø ø ⊘ ø ⊘ ⊘ ø = ⊘ ø ø ⊘ ⊘ ■ / ⊘ ⊘ ≡ ø × ⊘ ⊘ ≡ ≡ ⊘ ≡ ≡ ⊘ ■ ≡ ≡ × ≡ ≡ ≡ ≡ ≡ ≡ ≡ · × × × ¤ ▲ ×
■ ■ ■ ■ ■ · ■ ø ■ ■ ■ · · · · · ı · · E · ◊ Δ · ı ı ı ı ø ø ı ø ı ı ı Δ ı ø ø ⊘ ø ø ⊘ ø ø ø ø ø ø ø ⊘ - ≡ ⊘ - ≡ = ≡ ⊘ ◊ ≡ ø ≡ × ≡ × ≡ ≡ \ × ≡ - ≡ ▲ ≡ ≡ × × × × × ¤ × ×
· × 6 · ■ ■ ■ ■ ■ ■ · · · ı ı · · · · · ı ı ı ı ı ı / ø ı ø ø ¤ ø ı ı + ø ⊘ ⊘ ⊘ ø ø ø ø ■ ⊘ ø ⊘ ø ø ⊘ ⊘ ⊘ ⊘ × ▲ ≡ ı ⊘ ≡ ⊘ ⊘ ≡ ≡ ≡ ≡ ≡ ≡ ≡ ≡ ≡ × ≡ ≡ ≡ ¤ × ¤ × ¤ ¤ × Δ ×
■ ■ ■ ■ ■ · · / | ■ · · · · · · · · · ◊ · · ı ı ø ø ı ø ı ı ı ı ø ı ı ø ø ø ø ø ⊘ ø ⊘ ⊘ ⊘ ⊘ ø ø ø ≡ ⊘ ⊘ ⊘ ⊘ ⊘ ⊘ ⊘ ≡ ≡ ⊘ ⊘ - ◊ ≡ ≡ ≡ ≡ ≡ ≡ ≡ ≡ ≡ ≡ ≡ ≡ = × ¤ × × × × × ×
· ■ · ■ ■ ■ · · ■ ■ · · · · · ◊ ı ı ı · · ı ı ı ø ı ı ø ı ⊘ ı ı E ı ı ø ø ø ø ø ø ø = ⊘ | ø ø 6 ≡ ≡ ⊘ ⊘ ⊘ ø ⊘ ⊘ ⊘ ⊘ ⊘ ⊘ ≡ ≡ ≡ ≡ E × ≡ ≡ ≡ × ≡ ≡ × ≡ × × × × ¤ ¤ ¤ × × ×
■ ■ ■ · ⊘ ■ ■ · ■ ı · · · · · ▲ · ı · · · · Δ ı / 6 ı ı \ ▲ ø ı ı ı ø ø ø | ø ⊘ ⊘ ø ⊘ ø ø ⊘ ø ø ≡ ⊘ ⊘ ⊘ ¤ ◊ ⊘ ⊘ ⊘ ⊘ ⊘ ⊘ ⊘ ≡ ≡ ≡ ≡ = | ≡ ≡ ≡ ≡ Δ ≡ + × × ¤ × × ≡ × × × ≡
· · · · ı · · Δ · ı ø ı ø ı ø ı ı ø ı ı ı ø ø ø Δ ø ⊘ - ø ⊘ ø ø ø \ ⊘ ⊘ - × ⊘ ≡ ≡ ⊘ ≡ ≡ ⊘ ⊘ ⊘ × \ ¤ ≡ ≡ ≡ ≡ ≡ ≡ · ≡ ≡ ≡ × / × × × ¤ × × × × × ¤ ¤ = ¤ = ¤ ¤ = = = = ¤ =
10	20	30	40	50	60	70	80
10
20
30
40
50
60
70
80
90
100
110
latinbustier	Page 1
